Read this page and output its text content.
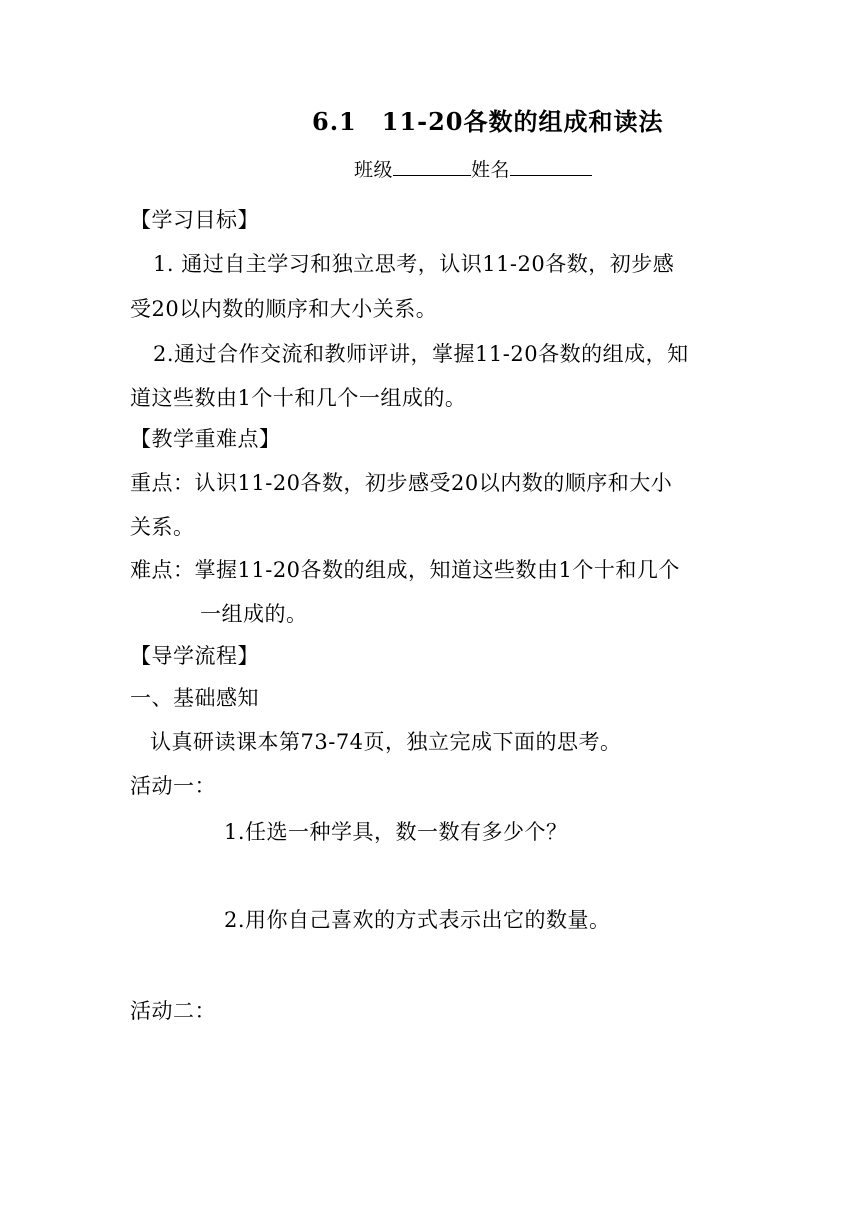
6.1　11-20各数的组成和读法
班级	姓名
【学习目标】
1. 通过自主学习和独立思考，认识11-20各数，初步感
受20以内数的顺序和大小关系。
2.通过合作交流和教师评讲，掌握11-20各数的组成，知
道这些数由1个十和几个一组成的。
【教学重难点】
重点：认识11-20各数，初步感受20以内数的顺序和大小
关系。
难点：掌握11-20各数的组成，知道这些数由1个十和几个
一组成的。
【导学流程】
一、基础感知
认真研读课本第73-74页，独立完成下面的思考。
活动一：
1.任选一种学具，数一数有多少个？
2.用你自己喜欢的方式表示出它的数量。
活动二：
